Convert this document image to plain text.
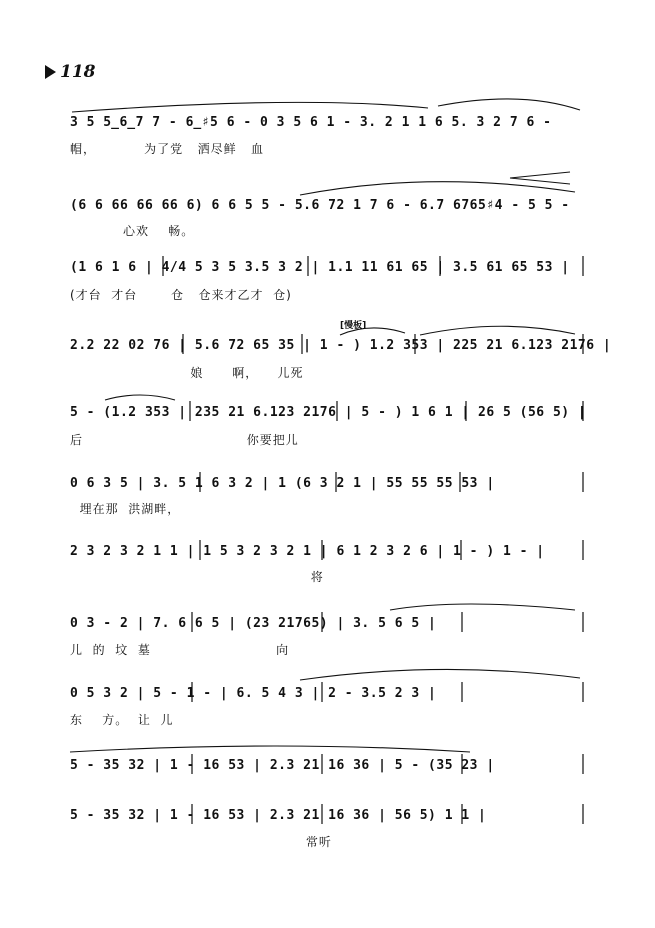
118
[慢板]
3 5 5̲6̲7 7 - 6̲♯5 6 - 0 3 5 6 1 - 3. 2 1 1 6 5. 3 2 7 6 -
帽，          为了党   洒尽鲜   血
(6 6 66 66 66 6) 6 6 5 5 - 5.6 72 1 7 6 - 6.7 6765♯4 - 5 5 -
心欢    畅。
(1 6 1 6 | 4/4 5 3 5 3.5 3 2 | 1.1 11 61 65 | 3.5 61 65 53 |
(才台  才台       仓   仓来才乙才  仓)
2.2 22 02 76 | 5.6 72 65 35 | 1 - ) 1.2 353 | 225 21 6.123 2176 |
娘      啊，    儿死
5 - (1.2 353 | 235 21 6.123 2176 | 5 - ) 1 6 1 | 26 5 (56 5) |
后                                  你要把儿
0 6 3 5 | 3. 5 1 6 3 2 | 1 (6 3 2 1 | 55 55 55 53 |
埋在那  洪湖畔，
2 3 2 3 2 1 1 | 1 5 3 2 3 2 1 | 6 1 2 3 2 6 | 1 - ) 1 - |
将
0 3 - 2 | 7. 6 6 5 | (23 21765) | 3. 5 6 5 |
儿  的  坟  墓                          向
0 5 3 2 | 5 - 1 - | 6. 5 4 3 | 2 - 3.5 2 3 |
东    方。  让  儿
5 - 35 32 | 1 - 16 53 | 2.3 21 16 36 | 5 - (35 23 |
5 - 35 32 | 1 - 16 53 | 2.3 21 16 36 | 56 5) 1 1 |
常听
